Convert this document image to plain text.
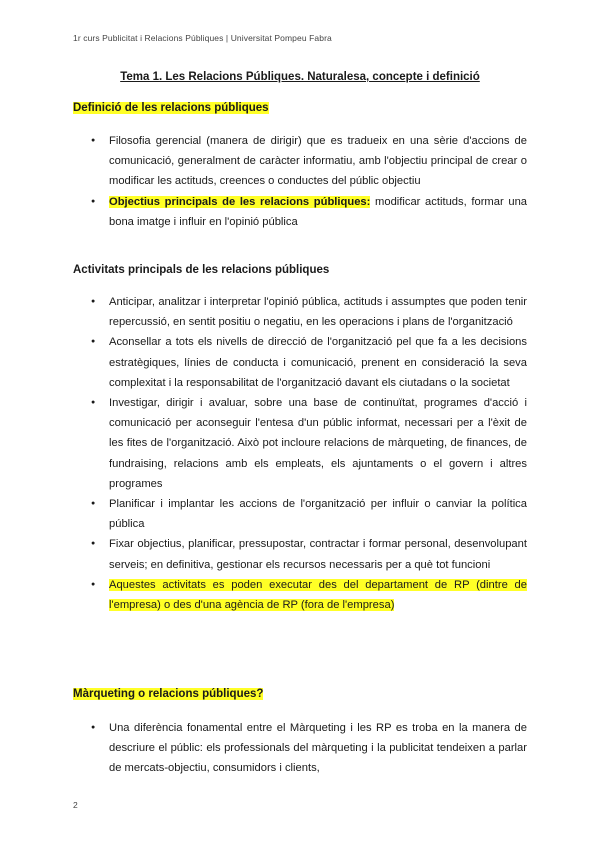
1r curs Publicitat i Relacions Públiques | Universitat Pompeu Fabra
Tema 1. Les Relacions Públiques. Naturalesa, concepte i definició
Definició de les relacions públiques
● Filosofia gerencial (manera de dirigir) que es tradueix en una sèrie d'accions de comunicació, generalment de caràcter informatiu, amb l'objectiu principal de crear o modificar les actituds, creences o conductes del públic objectiu
● Objectius principals de les relacions públiques: modificar actituds, formar una bona imatge i influir en l'opinió pública
Activitats principals de les relacions públiques
● Anticipar, analitzar i interpretar l'opinió pública, actituds i assumptes que poden tenir repercussió, en sentit positiu o negatiu, en les operacions i plans de l'organització
● Aconsellar a tots els nivells de direcció de l'organització pel que fa a les decisions estratègiques, línies de conducta i comunicació, prenent en consideració la seva complexitat i la responsabilitat de l'organització davant els ciutadans o la societat
● Investigar, dirigir i avaluar, sobre una base de continuïtat, programes d'acció i comunicació per aconseguir l'entesa d'un públic informat, necessari per a l'èxit de les fites de l'organització. Això pot incloure relacions de màrqueting, de finances, de fundraising, relacions amb els empleats, els ajuntaments o el govern i altres programes
● Planificar i implantar les accions de l'organització per influir o canviar la política pública
● Fixar objectius, planificar, pressupostar, contractar i formar personal, desenvolupant serveis; en definitiva, gestionar els recursos necessaris per a què tot funcioni
● Aquestes activitats es poden executar des del departament de RP (dintre de l'empresa) o des d'una agència de RP (fora de l'empresa)
Màrqueting o relacions públiques?
● Una diferència fonamental entre el Màrqueting i les RP es troba en la manera de descriure el públic: els professionals del màrqueting i la publicitat tendeixen a parlar de mercats-objectiu, consumidors i clients,
2
